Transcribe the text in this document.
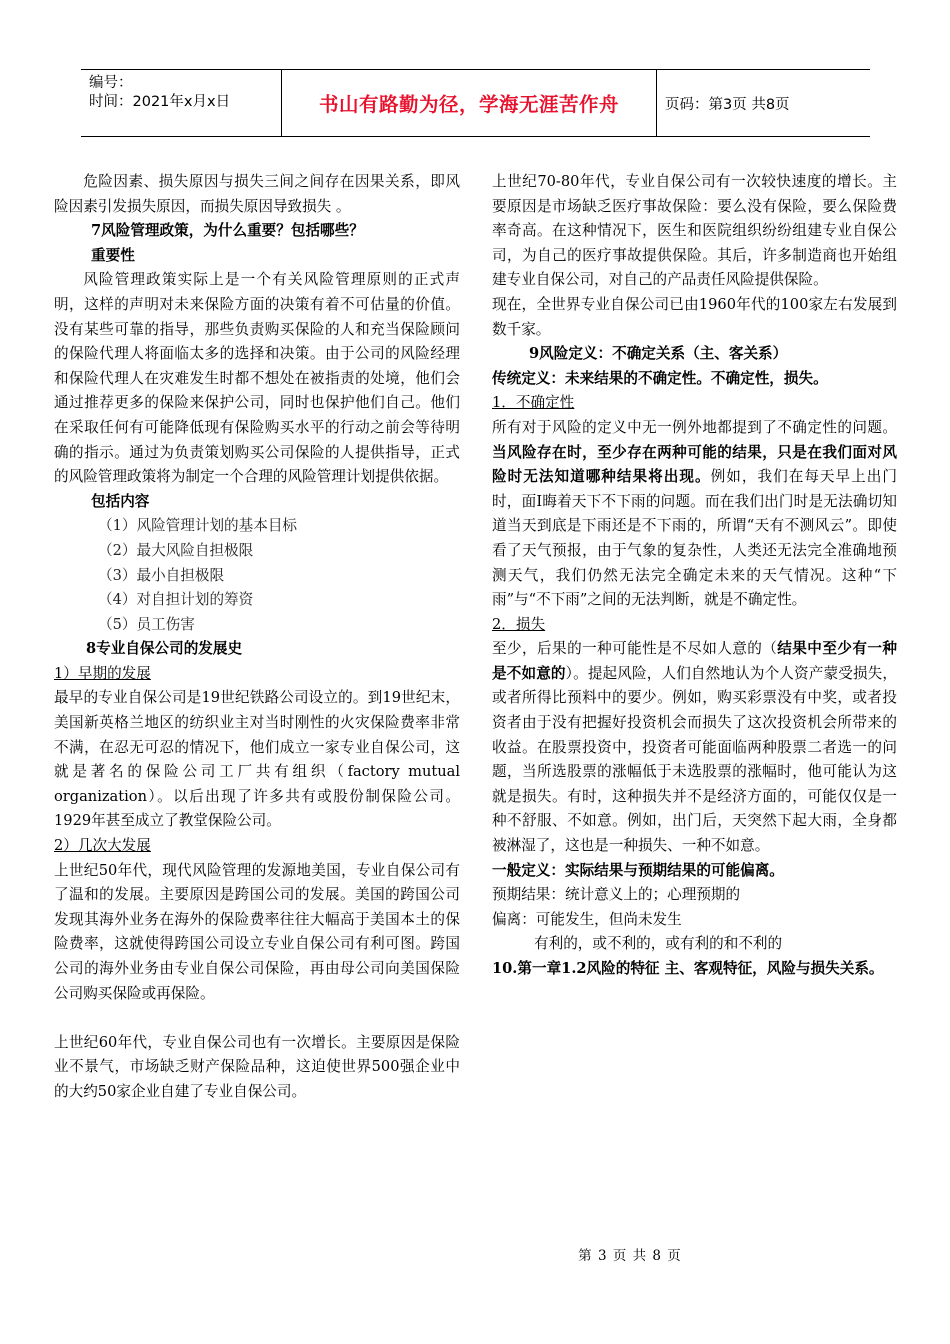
编号：
时间：2021年x月x日	书山有路勤为径，学海无涯苦作舟	页码：第3页 共8页

危险因素、损失原因与损失三间之间存在因果关系，即风险因素引发损失原因，而损失原因导致损失 。

7风险管理政策，为什么重要？包括哪些？

重要性

风险管理政策实际上是一个有关风险管理原则的正式声明，这样的声明对未来保险方面的决策有着不可估量的价值。没有某些可靠的指导，那些负责购买保险的人和充当保险顾问的保险代理人将面临太多的选择和决策。由于公司的风险经理和保险代理人在灾难发生时都不想处在被指责的处境，他们会通过推荐更多的保险来保护公司，同时也保护他们自己。他们在采取任何有可能降低现有保险购买水平的行动之前会等待明确的指示。通过为负责策划购买公司保险的人提供指导，正式的风险管理政策将为制定一个合理的风险管理计划提供依据。

包括内容

（1）风险管理计划的基本目标

（2）最大风险自担极限

（3）最小自担极限

（4）对自担计划的筹资

（5）员工伤害

8专业自保公司的发展史

1）早期的发展

最早的专业自保公司是19世纪铁路公司设立的。到19世纪末，美国新英格兰地区的纺织业主对当时刚性的火灾保险费率非常不满，在忍无可忍的情况下，他们成立一家专业自保公司，这就是著名的保险公司工厂共有组织（factory mutual organization）。以后出现了许多共有或股份制保险公司。1929年甚至成立了教堂保险公司。

2）几次大发展

上世纪50年代，现代风险管理的发源地美国，专业自保公司有了温和的发展。主要原因是跨国公司的发展。美国的跨国公司发现其海外业务在海外的保险费率往往大幅高于美国本土的保险费率，这就使得跨国公司设立专业自保公司有利可图。跨国公司的海外业务由专业自保公司保险，再由母公司向美国保险公司购买保险或再保险。

上世纪60年代，专业自保公司也有一次增长。主要原因是保险业不景气，市场缺乏财产保险品种，这迫使世界500强企业中的大约50家企业自建了专业自保公司。

上世纪70-80年代，专业自保公司有一次较快速度的增长。主要原因是市场缺乏医疗事故保险：要么没有保险，要么保险费率奇高。在这种情况下，医生和医院组织纷纷组建专业自保公司，为自己的医疗事故提供保险。其后，许多制造商也开始组建专业自保公司，对自己的产品责任风险提供保险。

现在，全世界专业自保公司已由1960年代的100家左右发展到数千家。

9风险定义：不确定关系（主、客关系）

传统定义：未来结果的不确定性。不确定性，损失。

1．不确定性

所有对于风险的定义中无一例外地都提到了不确定性的问题。当风险存在时，至少存在两种可能的结果，只是在我们面对风险时无法知道哪种结果将出现。例如，我们在每天早上出门时，面Ⅰ晦着天下不下雨的问题。而在我们出门时是无法确切知道当天到底是下雨还是不下雨的，所谓“天有不测风云”。即使看了天气预报，由于气象的复杂性，人类还无法完全准确地预测天气，我们仍然无法完全确定未来的天气情况。这种“下雨”与“不下雨”之间的无法判断，就是不确定性。

2．损失

至少，后果的一种可能性是不尽如人意的（结果中至少有一种是不如意的）。提起风险，人们自然地认为个人资产蒙受损失，或者所得比预料中的要少。例如，购买彩票没有中奖，或者投资者由于没有把握好投资机会而损失了这次投资机会所带来的收益。在股票投资中，投资者可能面临两种股票二者选一的问题，当所选股票的涨幅低于未选股票的涨幅时，他可能认为这就是损失。有时，这种损失并不是经济方面的，可能仅仅是一种不舒服、不如意。例如，出门后，天突然下起大雨，全身都被淋湿了，这也是一种损失、一种不如意。

一般定义：实际结果与预期结果的可能偏离。

预期结果：统计意义上的；心理预期的

偏离：可能发生，但尚未发生

有利的，或不利的，或有利的和不利的

10.第一章1.2风险的特征 主、客观特征，风险与损失关系。

第 3 页 共 8 页
